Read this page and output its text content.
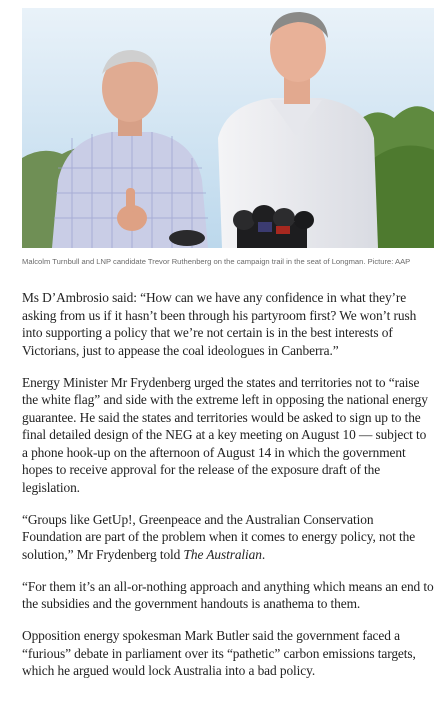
Malcolm Turnbull and LNP candidate Trevor Ruthenberg on the campaign trail in the seat of Longman. Picture: AAP

Ms D’Ambrosio said: “How can we have any confidence in what they’re asking from us if it hasn’t been through his partyroom first? We won’t rush into supporting a policy that we’re not certain is in the best interests of Victorians, just to appease the coal ideologues in Canberra.”

Energy Minister Mr Frydenberg urged the states and territories not to “raise the white flag” and side with the extreme left in opposing the national energy guarantee. He said the states and territories would be asked to sign up to the final detailed design of the NEG at a key meeting on August 10 — subject to a phone hook-up on the afternoon of August 14 in which the government hopes to receive approval for the release of the exposure draft of the legislation.

“Groups like GetUp!, Greenpeace and the Australian Conservation Foundation are part of the problem when it comes to energy policy, not the solution,” Mr Frydenberg told The Australian.

“For them it’s an all-or-nothing approach and anything which means an end to the subsidies and the government handouts is anathema to them.

Opposition energy spokesman Mark Butler said the government faced a “furious” debate in parliament over its “pathetic” carbon emissions targets, which he argued would lock Australia into a bad policy.
